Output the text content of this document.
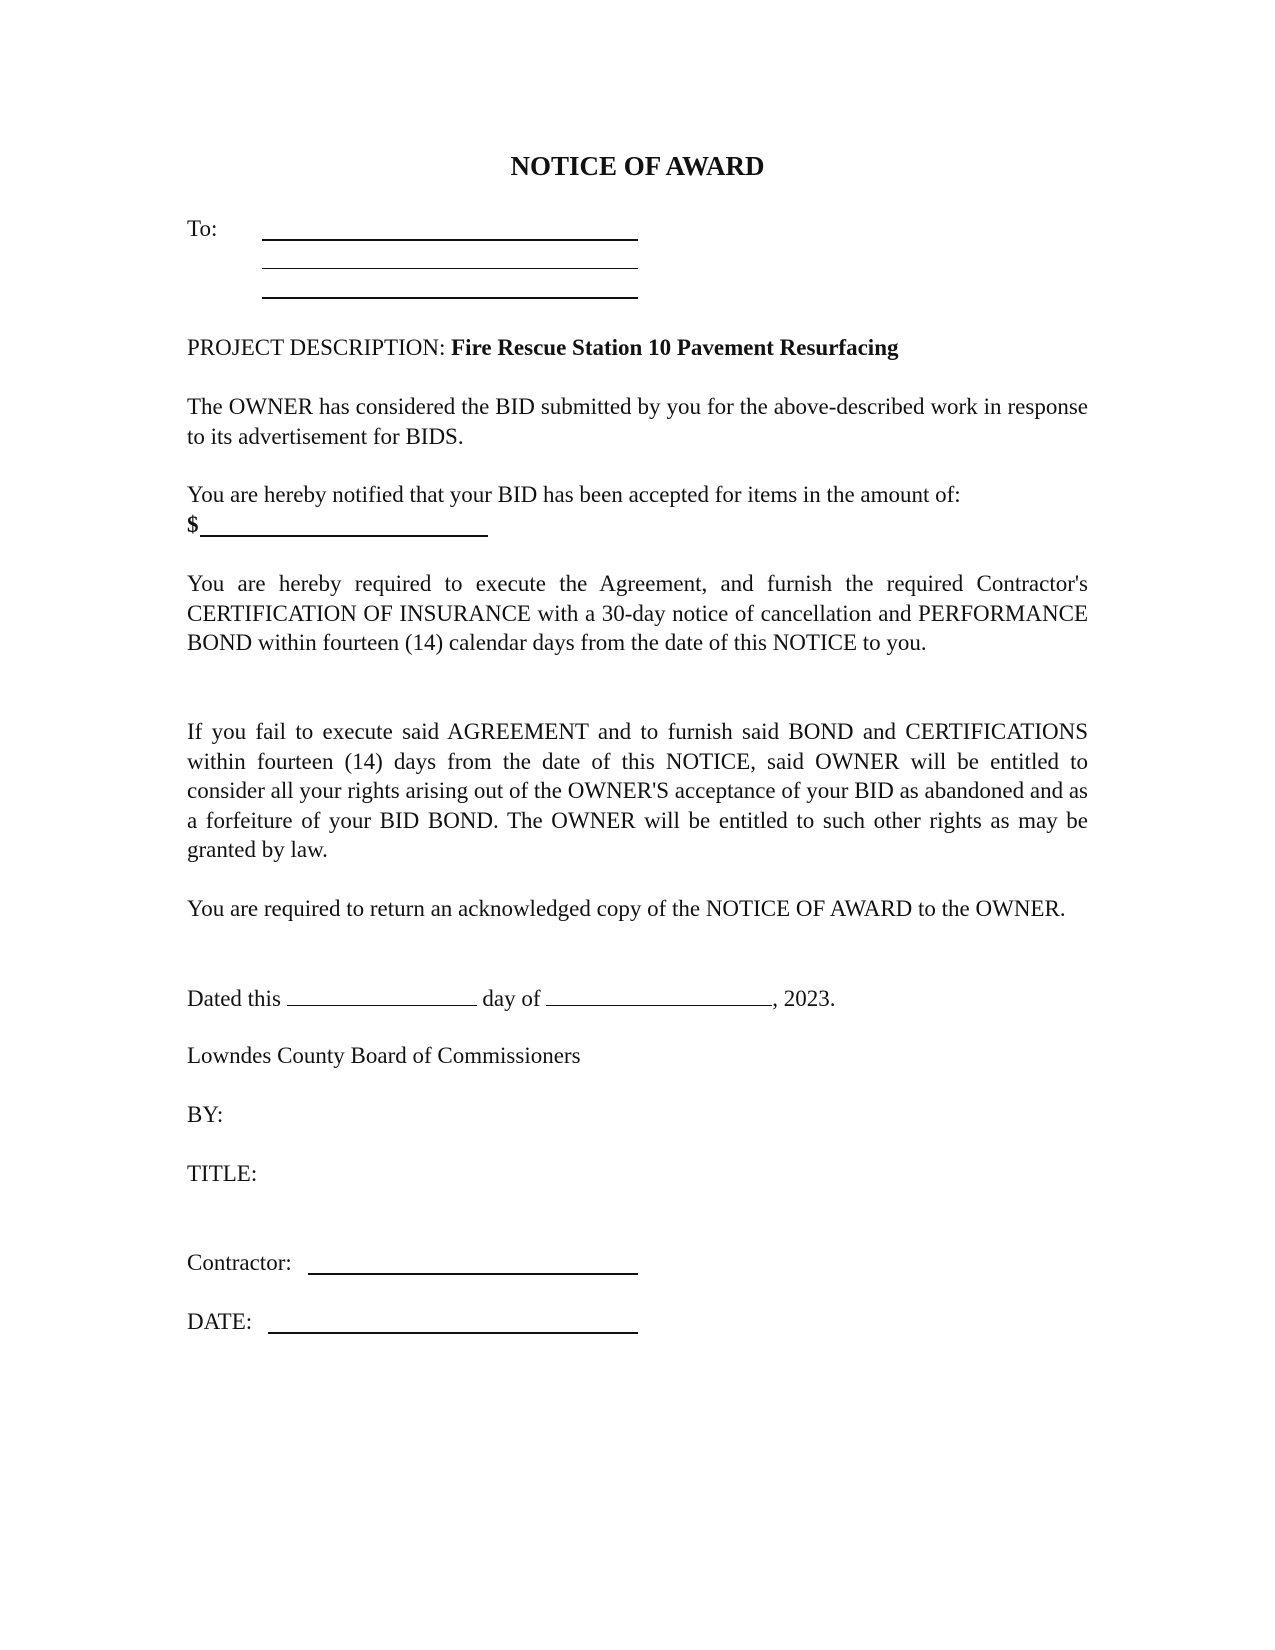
NOTICE OF AWARD
To:
PROJECT DESCRIPTION: Fire Rescue Station 10 Pavement Resurfacing
The OWNER has considered the BID submitted by you for the above-described work in response to its advertisement for BIDS.
You are hereby notified that your BID has been accepted for items in the amount of:
$
You are hereby required to execute the Agreement, and furnish the required Contractor's CERTIFICATION OF INSURANCE with a 30-day notice of cancellation and PERFORMANCE BOND within fourteen (14) calendar days from the date of this NOTICE to you.
If you fail to execute said AGREEMENT and to furnish said BOND and CERTIFICATIONS within fourteen (14) days from the date of this NOTICE, said OWNER will be entitled to consider all your rights arising out of the OWNER'S acceptance of your BID as abandoned and as a forfeiture of your BID BOND. The OWNER will be entitled to such other rights as may be granted by law.
You are required to return an acknowledged copy of the NOTICE OF AWARD to the OWNER.
Dated this	day of	, 2023.
Lowndes County Board of Commissioners
BY:
TITLE:
Contractor:
DATE:
